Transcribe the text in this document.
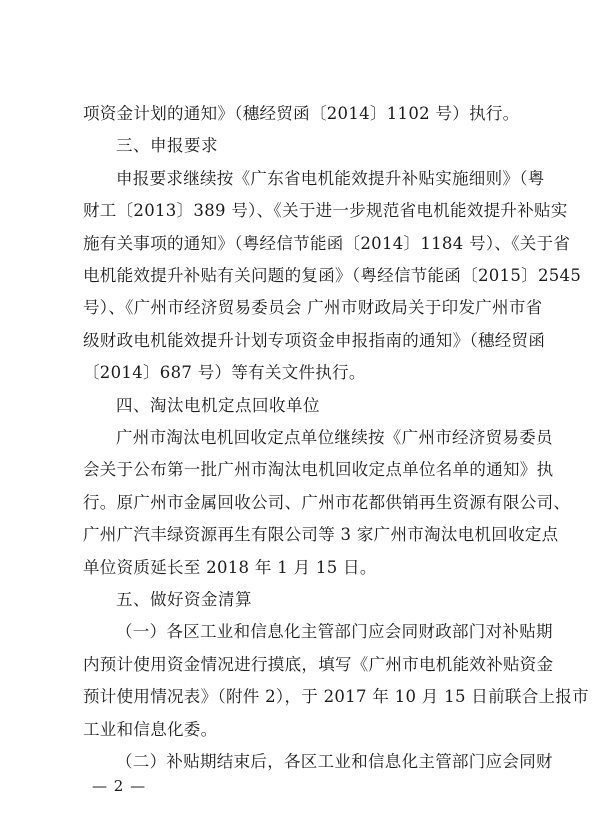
项资金计划的通知》（穗经贸函〔2014〕1102 号）执行。
三、申报要求
申报要求继续按《广东省电机能效提升补贴实施细则》（粤
财工〔2013〕389 号）、《关于进一步规范省电机能效提升补贴实
施有关事项的通知》（粤经信节能函〔2014〕1184 号）、《关于省
电机能效提升补贴有关问题的复函》（粤经信节能函〔2015〕2545
号）、《广州市经济贸易委员会 广州市财政局关于印发广州市省
级财政电机能效提升计划专项资金申报指南的通知》（穗经贸函
〔2014〕687 号）等有关文件执行。
四、淘汰电机定点回收单位
广州市淘汰电机回收定点单位继续按《广州市经济贸易委员
会关于公布第一批广州市淘汰电机回收定点单位名单的通知》执
行。原广州市金属回收公司、广州市花都供销再生资源有限公司、
广州广汽丰绿资源再生有限公司等 3 家广州市淘汰电机回收定点
单位资质延长至 2018 年 1 月 15 日。
五、做好资金清算
（一）各区工业和信息化主管部门应会同财政部门对补贴期
内预计使用资金情况进行摸底，填写《广州市电机能效补贴资金
预计使用情况表》（附件 2），于 2017 年 10 月 15 日前联合上报市
工业和信息化委。
（二）补贴期结束后，各区工业和信息化主管部门应会同财
— 2 —
